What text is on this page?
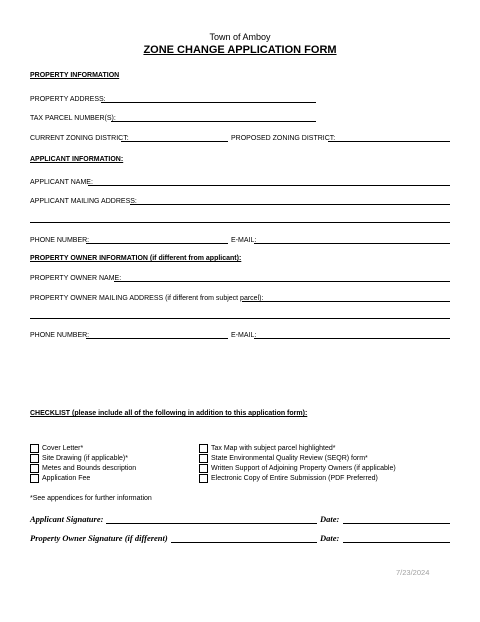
Town of Amboy
ZONE CHANGE APPLICATION FORM
PROPERTY INFORMATION
PROPERTY ADDRESS:
TAX PARCEL NUMBER(S):
CURRENT ZONING DISTRICT:	PROPOSED ZONING DISTRICT:
APPLICANT INFORMATION:
APPLICANT NAME:
APPLICANT MAILING ADDRESS:
PHONE NUMBER:	E-MAIL:
PROPERTY OWNER INFORMATION (if different from applicant):
PROPERTY OWNER NAME:
PROPERTY OWNER MAILING ADDRESS (if different from subject parcel):
PHONE NUMBER:	E-MAIL:
CHECKLIST (please include all of the following in addition to this application form):
Cover Letter*
Site Drawing (if applicable)*
Metes and Bounds description
Application Fee
Tax Map with subject parcel highlighted*
State Environmental Quality Review (SEQR) form*
Written Support of Adjoining Property Owners (if applicable)
Electronic Copy of Entire Submission (PDF Preferred)
*See appendices for further information
Applicant Signature:	Date:
Property Owner Signature (if different)	Date:
7/23/2024
